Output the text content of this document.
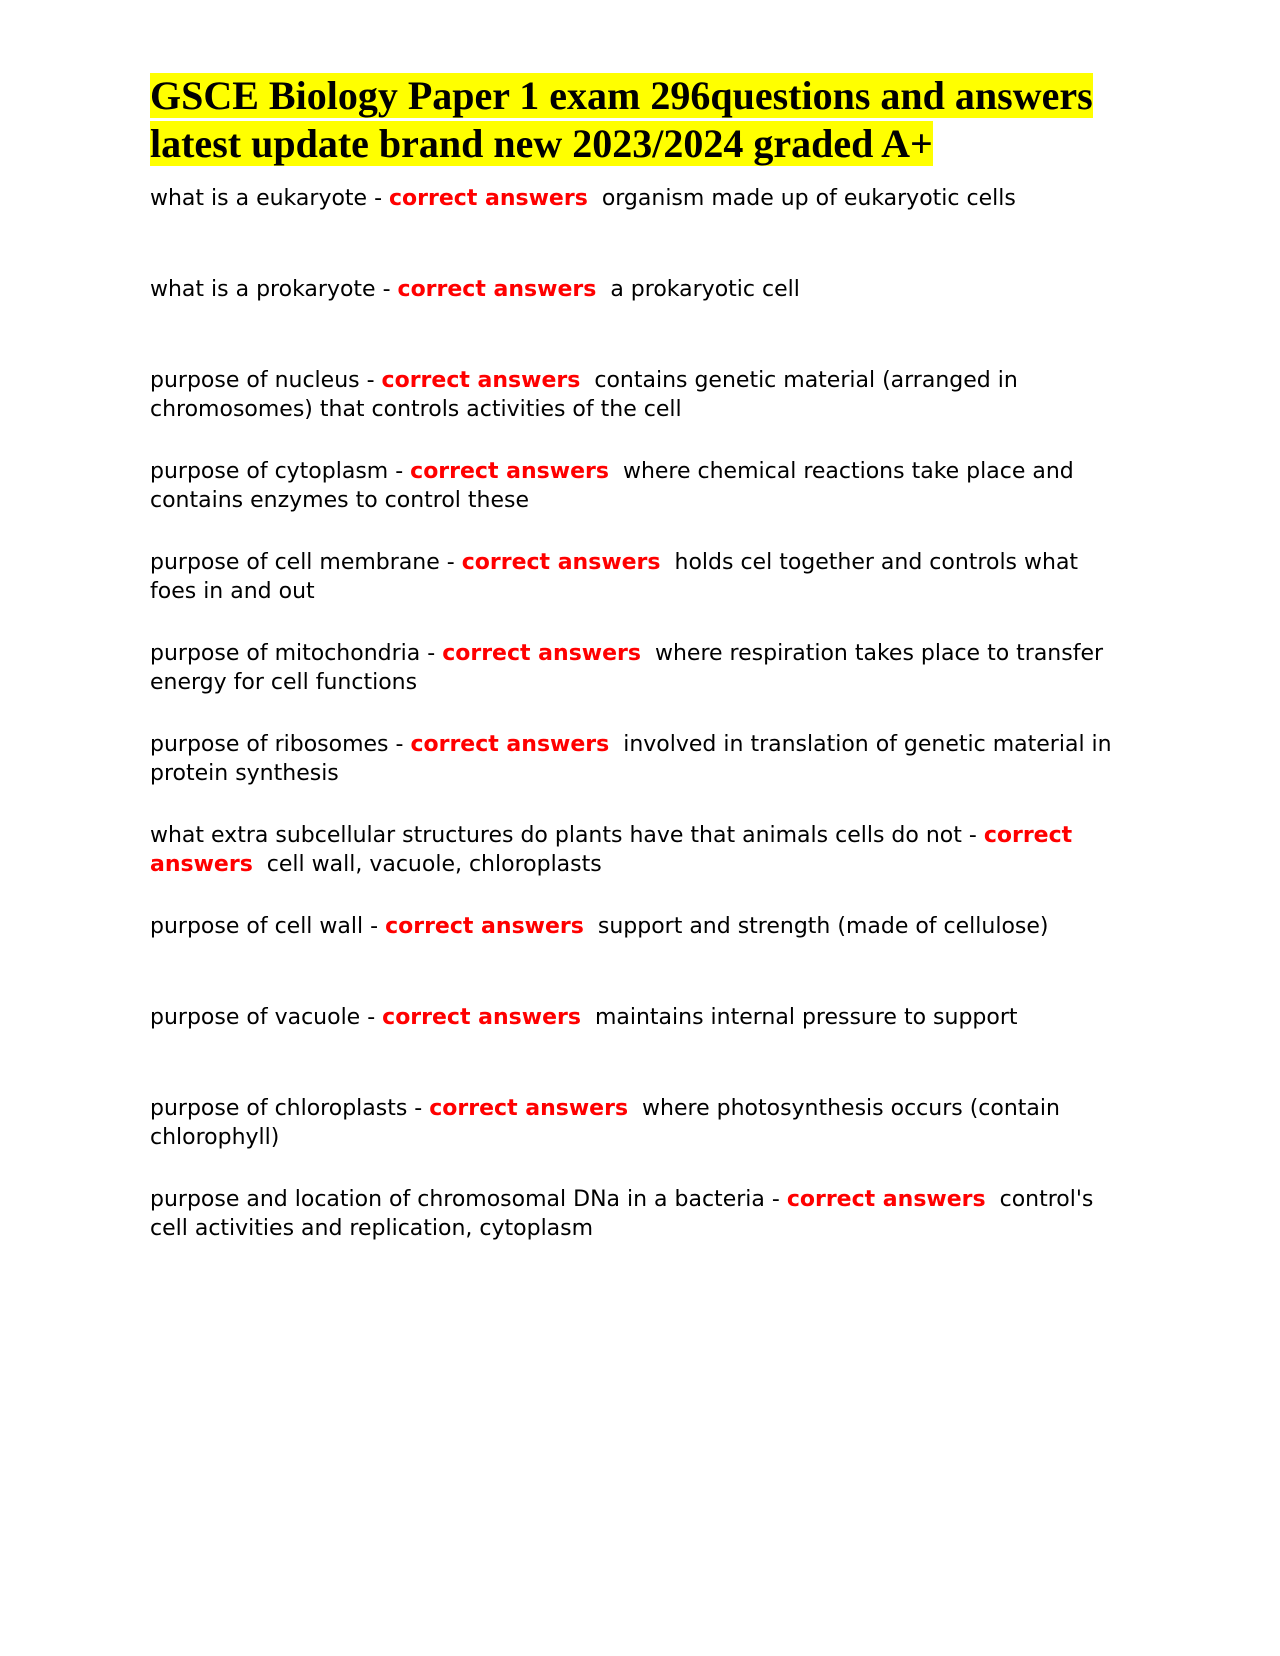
GSCE Biology Paper 1 exam 296questions and answers latest update brand new 2023/2024 graded A+
what is a eukaryote - correct answers organism made up of eukaryotic cells
what is a prokaryote - correct answers a prokaryotic cell
purpose of nucleus - correct answers contains genetic material (arranged in chromosomes) that controls activities of the cell
purpose of cytoplasm - correct answers where chemical reactions take place and contains enzymes to control these
purpose of cell membrane - correct answers holds cel together and controls what foes in and out
purpose of mitochondria - correct answers where respiration takes place to transfer energy for cell functions
purpose of ribosomes - correct answers involved in translation of genetic material in protein synthesis
what extra subcellular structures do plants have that animals cells do not - correct answers cell wall, vacuole, chloroplasts
purpose of cell wall - correct answers support and strength (made of cellulose)
purpose of vacuole - correct answers maintains internal pressure to support
purpose of chloroplasts - correct answers where photosynthesis occurs (contain chlorophyll)
purpose and location of chromosomal DNa in a bacteria - correct answers control's cell activities and replication, cytoplasm
